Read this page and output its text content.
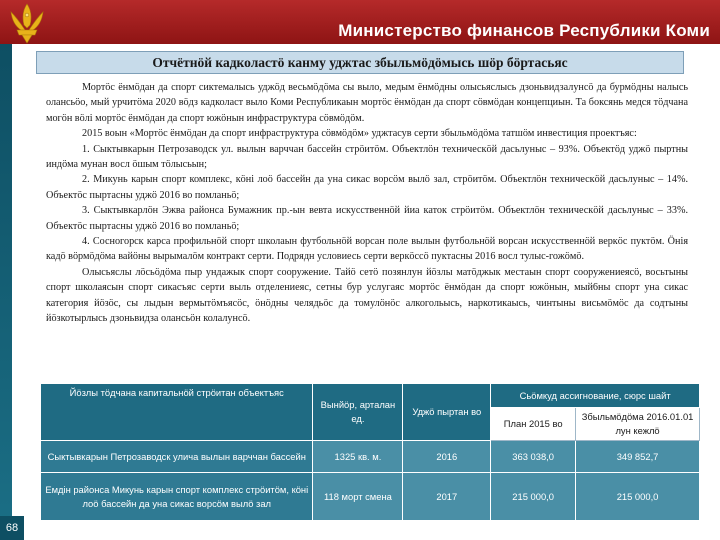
Министерство финансов Республики Коми
68
Отчётнöй кадколастö канму уджтас збыльмöдöмысь шöр бöртасьяс

Мортöс ёнмöдан да спорт сиктемалысь уджöд весьмöдöма сы выло, медым ёнмöдны олысьяслысь дзоньвидзалунсö да бурмöдны налысь олансьöо, мый урчитöма 2020 вöдз кадколаст выло Коми Республикаын мортöс ёнмöдан да спорт сöвмöдан концепциын. Та боксянь медся тöдчана могöн вöлі мортöс ёнмöдан да спорт южöнын инфраструктура сöвмöдöм.

2015 воын «Мортöс ёнмöдан да спорт инфраструктура сöвмöдöм» уджтасув серти збыльмöдöма татшöм инвестиция проектъяс:

1. Сыктывкарын Петрозаводск ул. вылын варччан бассейн стрöитöм. Объектлöн техническöй дасьлуныс – 93%. Объектöд уджö пыртны индöма мунан восл öшым тöлысьын;

2. Микунь карын спорт комплекс, кöні лоö бассейн да уна сикас ворсöм вылö зал, стрöитöм. Объектлöн техническöй дасьлуныс – 14%. Объектöс пыртасны уджö 2016 во помланьö;

3. Сыктывкарлöн Эжва районса Бумажник пр.-ын вевта искусственнöй йиа каток стрöитöм. Объектлöн техническöй дасьлуныс – 33%. Объектöс пыртасны уджö 2016 во помланьö;

4. Сосногорск карса профильнöй спорт школаын футбольнöй ворсан поле вылын футбольнöй ворсан искусственнöй веркöс пуктöм. Öнія кадö вöрмöдöма вайöны вырымалöм контракт серти. Подрядн условиесь серти веркöссö пуктасны 2016 восл тулыс-гожöмö.

Олысьяслы лöсьöдöма пыр ундажык спорт сооружение. Тайö сетö позянлун йöзлы матöджык местаын спорт сооружениеясö, восьтыны спорт школаясын спорт сикасъяс серти выль отделениеяс, сетны бур услугаяс мортöс ёнмöдан да спорт южöнын, мый6ны спорт уна сикас категория йöзöс, сы лыдын вермытöмъясöс, öнöдны челядьöс да томулöнöс алкогольысь, наркотикаысь, чинтыны висьмöмöс да содтыны йöзкотырлысь дзоньвидза олансьöн колалунсö.

Йöзлы тöдчана капитальнöй стрöитан объектъяс	Вынйöр, арталан ед.	Уджö пыртан во	Сьöмкуд ассигнование, сюрс шайт	
			План 2015 во	Збыльмöдöма 2016.01.01 лун кежлö
Сыктывкарын Петрозаводск улича вылын варччан бассейн	1325 кв. м.	2016	363 038,0	349 852,7
Емдін районса Микунь карын спорт комплекс стрöитöм, кöні лоö бассейн да уна сикас ворсöм вылö зал	118 морт смена	2017	215 000,0	215 000,0
